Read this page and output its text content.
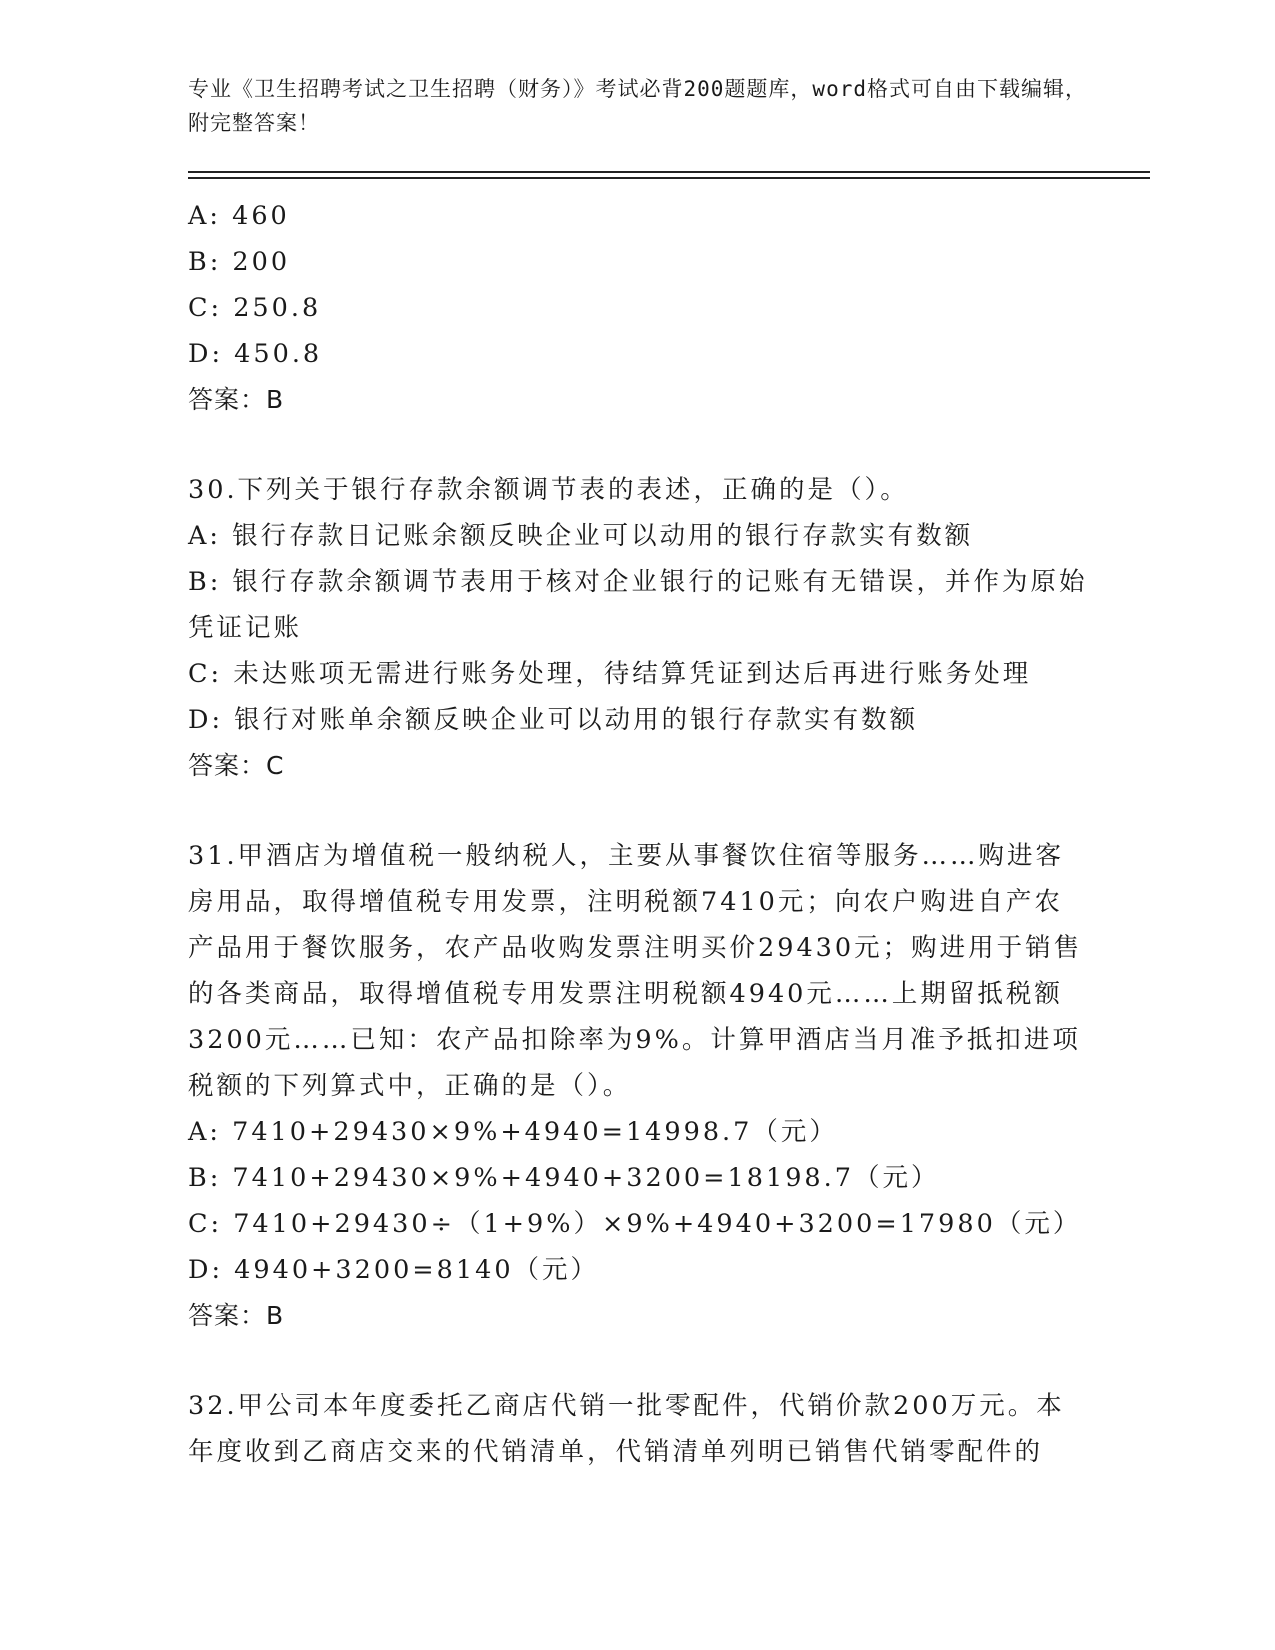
专业《卫生招聘考试之卫生招聘（财务）》考试必背200题题库，word格式可自由下载编辑，附完整答案！
A: 460
B: 200
C: 250.8
D: 450.8
答案：B
30.下列关于银行存款余额调节表的表述，正确的是（）。
A: 银行存款日记账余额反映企业可以动用的银行存款实有数额
B: 银行存款余额调节表用于核对企业银行的记账有无错误，并作为原始凭证记账
C: 未达账项无需进行账务处理，待结算凭证到达后再进行账务处理
D: 银行对账单余额反映企业可以动用的银行存款实有数额
答案：C
31.甲酒店为增值税一般纳税人，主要从事餐饮住宿等服务……购进客房用品，取得增值税专用发票，注明税额7410元；向农户购进自产农产品用于餐饮服务，农产品收购发票注明买价29430元；购进用于销售的各类商品，取得增值税专用发票注明税额4940元……上期留抵税额3200元……已知：农产品扣除率为9%。计算甲酒店当月准予抵扣进项税额的下列算式中，正确的是（）。
A: 7410+29430×9%+4940=14998.7（元）
B: 7410+29430×9%+4940+3200=18198.7（元）
C: 7410+29430÷（1+9%）×9%+4940+3200=17980（元）
D: 4940+3200=8140（元）
答案：B
32.甲公司本年度委托乙商店代销一批零配件，代销价款200万元。本年度收到乙商店交来的代销清单，代销清单列明已销售代销零配件的
